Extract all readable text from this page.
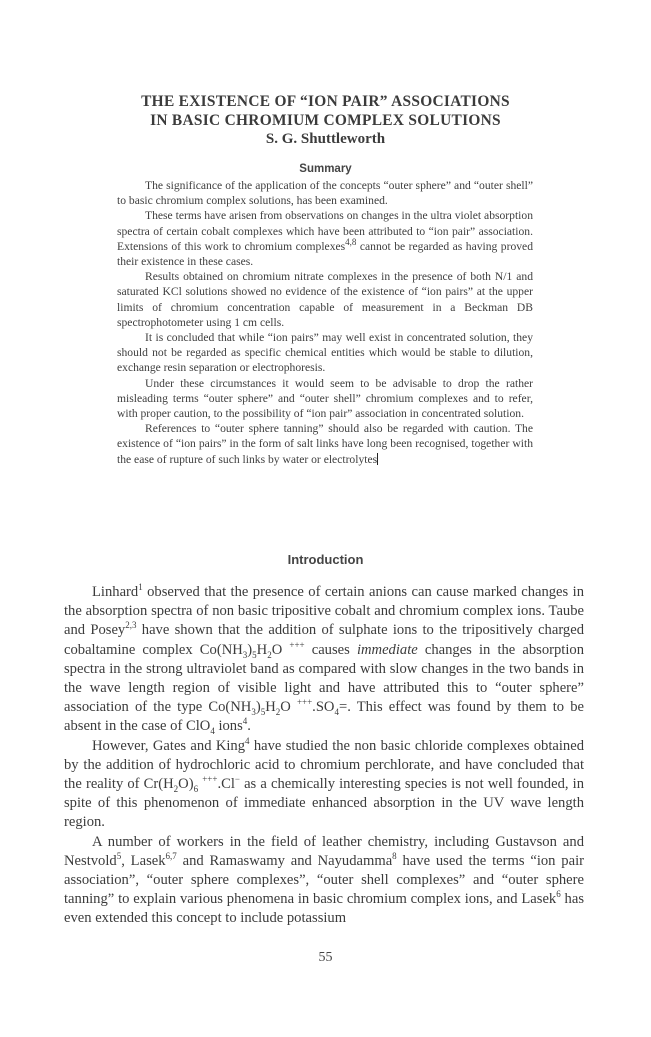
THE EXISTENCE OF “ION PAIR” ASSOCIATIONS
IN BASIC CHROMIUM COMPLEX SOLUTIONS
S. G. Shuttleworth
Summary

The significance of the application of the concepts “outer sphere” and “outer shell” to basic chromium complex solutions, has been examined.

These terms have arisen from observations on changes in the ultra violet absorption spectra of certain cobalt complexes which have been attributed to “ion pair” association. Extensions of this work to chromium complexes$^{4,8}$ cannot be regarded as having proved their existence in these cases.

Results obtained on chromium nitrate complexes in the presence of both N/1 and saturated KCl solutions showed no evidence of the existence of “ion pairs” at the upper limits of chromium concentration capable of measurement in a Beckman DB spectrophotometer using 1 cm cells.

It is concluded that while “ion pairs” may well exist in concentrated solution, they should not be regarded as specific chemical entities which would be stable to dilution, exchange resin separation or electrophoresis.

Under these circumstances it would seem to be advisable to drop the rather misleading terms “outer sphere” and “outer shell” chromium complexes and to refer, with proper caution, to the possibility of “ion pair” association in concentrated solution.

References to “outer sphere tanning” should also be regarded with caution. The existence of “ion pairs” in the form of salt links have long been recognised, together with the ease of rupture of such links by water or electrolytes

Introduction

Linhard$^1$ observed that the presence of certain anions can cause marked changes in the absorption spectra of non basic tripositive cobalt and chromium complex ions. Taube and Posey$^{2,3}$ have shown that the addition of sulphate ions to the tripositively charged cobaltamine complex $Co(NH_3)_5H_2O$ +++ causes immediate changes in the absorption spectra in the strong ultraviolet band as compared with slow changes in the two bands in the wave length region of visible light and have attributed this to “outer sphere” association of the type $Co(NH_3)_5H_2O$ $^{+++}.SO_4=$. This effect was found by them to be absent in the case of ClO$_4$ ions$^4$.

However, Gates and King$^4$ have studied the non basic chloride complexes obtained by the addition of hydrochloric acid to chromium perchlorate, and have concluded that the reality of $Cr(H_2O)_6$ +++.Cl− as a chemically interesting species is not well founded, in spite of this phenomenon of immediate enhanced absorption in the UV wave length region.

A number of workers in the field of leather chemistry, including Gustavson and Nestvold$^5$, Lasek$^{6,7}$ and Ramaswamy and Nayudamma$^8$ have used the terms “ion pair association”, “outer sphere complexes”, “outer shell complexes” and “outer sphere tanning” to explain various phenomena in basic chromium complex ions, and Lasek$^6$ has even extended this concept to include potassium

55
